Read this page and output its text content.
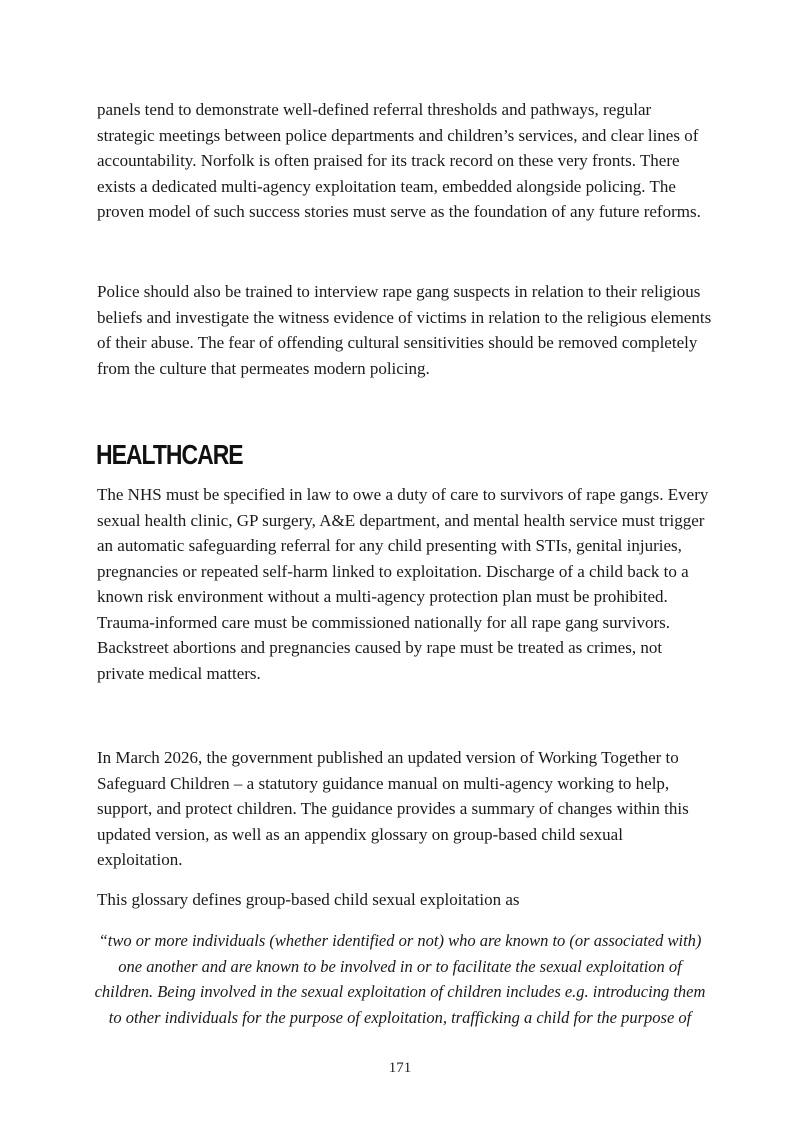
panels tend to demonstrate well-defined referral thresholds and pathways, regular strategic meetings between police departments and children’s services, and clear lines of accountability. Norfolk is often praised for its track record on these very fronts. There exists a dedicated multi-agency exploitation team, embedded alongside policing. The proven model of such success stories must serve as the foundation of any future reforms.

Police should also be trained to interview rape gang suspects in relation to their religious beliefs and investigate the witness evidence of victims in relation to the religious elements of their abuse. The fear of offending cultural sensitivities should be removed completely from the culture that permeates modern policing.

HEALTHCARE

The NHS must be specified in law to owe a duty of care to survivors of rape gangs. Every sexual health clinic, GP surgery, A&E department, and mental health service must trigger an automatic safeguarding referral for any child presenting with STIs, genital injuries, pregnancies or repeated self-harm linked to exploitation. Discharge of a child back to a known risk environment without a multi-agency protection plan must be prohibited. Trauma-informed care must be commissioned nationally for all rape gang survivors. Backstreet abortions and pregnancies caused by rape must be treated as crimes, not private medical matters.

In March 2026, the government published an updated version of Working Together to Safeguard Children – a statutory guidance manual on multi-agency working to help, support, and protect children. The guidance provides a summary of changes within this updated version, as well as an appendix glossary on group-based child sexual exploitation.

This glossary defines group-based child sexual exploitation as

“two or more individuals (whether identified or not) who are known to (or associated with) one another and are known to be involved in or to facilitate the sexual exploitation of children. Being involved in the sexual exploitation of children includes e.g. introducing them to other individuals for the purpose of exploitation, trafficking a child for the purpose of

171
